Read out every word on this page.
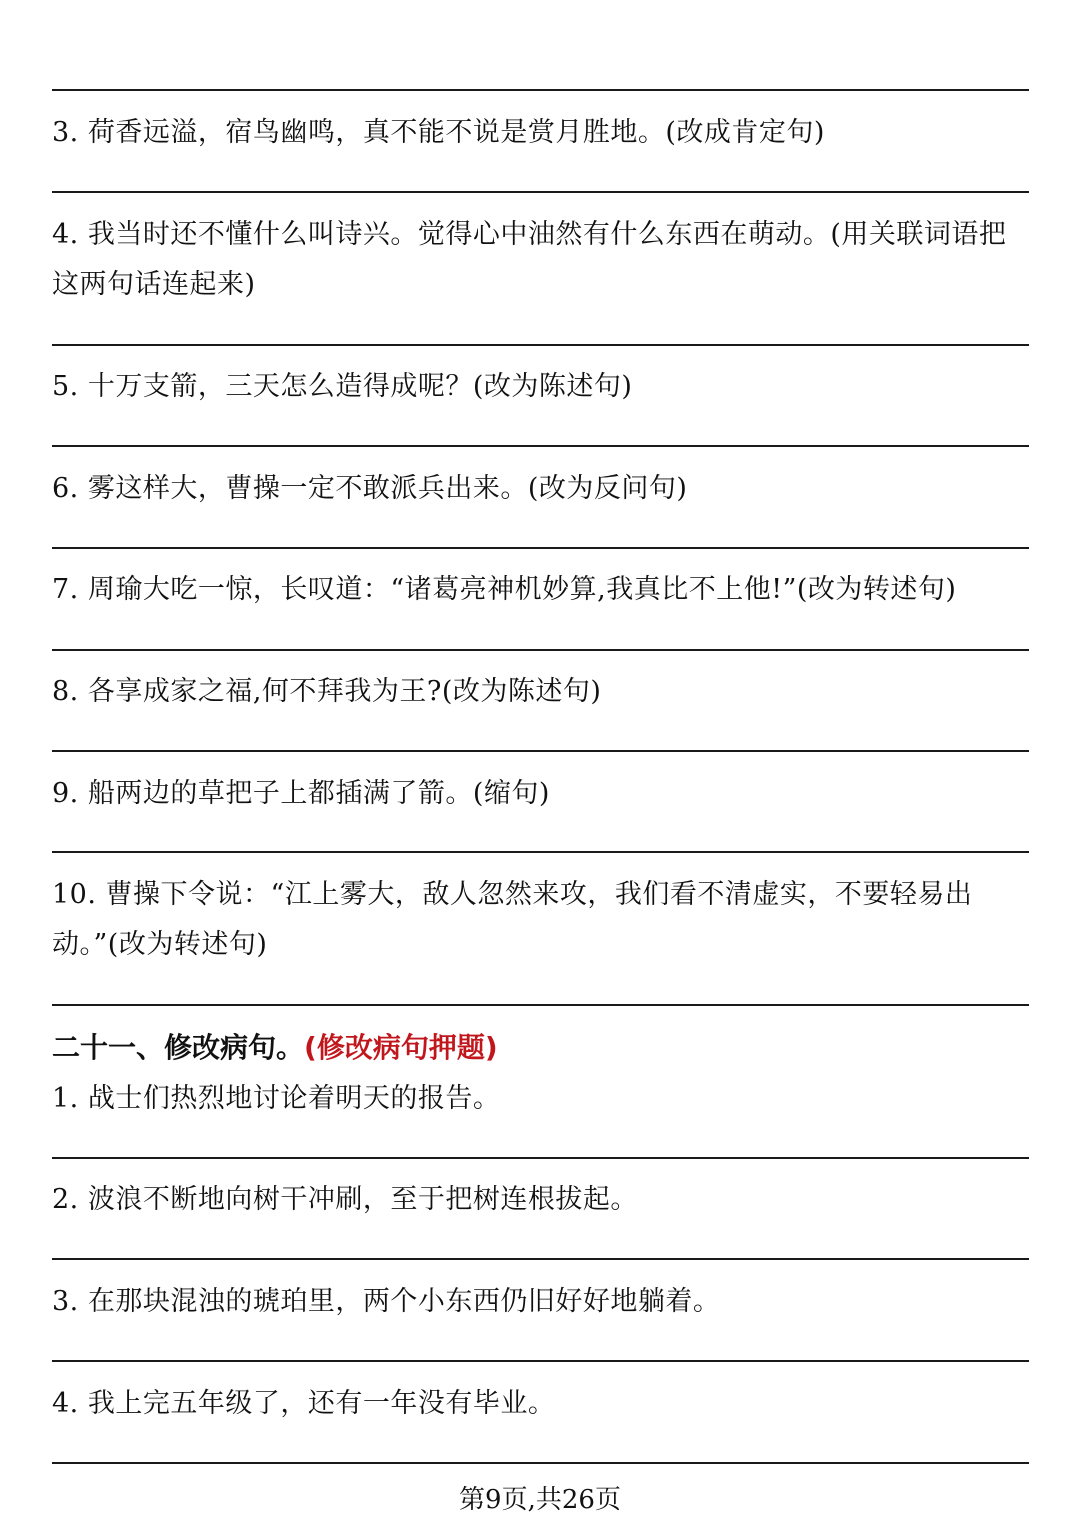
3. 荷香远溢，宿鸟幽鸣，真不能不说是赏月胜地。(改成肯定句)
4. 我当时还不懂什么叫诗兴。觉得心中油然有什么东西在萌动。(用关联词语把这两句话连起来)
5. 十万支箭，三天怎么造得成呢？(改为陈述句)
6. 雾这样大，曹操一定不敢派兵出来。(改为反问句)
7. 周瑜大吃一惊，长叹道：“诸葛亮神机妙算,我真比不上他!”(改为转述句)
8. 各享成家之福,何不拜我为王?(改为陈述句)
9. 船两边的草把子上都插满了箭。(缩句)
10. 曹操下令说：“江上雾大，敌人忽然来攻，我们看不清虚实，不要轻易出动。”(改为转述句)
二十一、修改病句。(修改病句押题)
1. 战士们热烈地讨论着明天的报告。
2. 波浪不断地向树干冲刷，至于把树连根拔起。
3. 在那块混浊的琥珀里，两个小东西仍旧好好地躺着。
4. 我上完五年级了，还有一年没有毕业。
第9页,共26页
